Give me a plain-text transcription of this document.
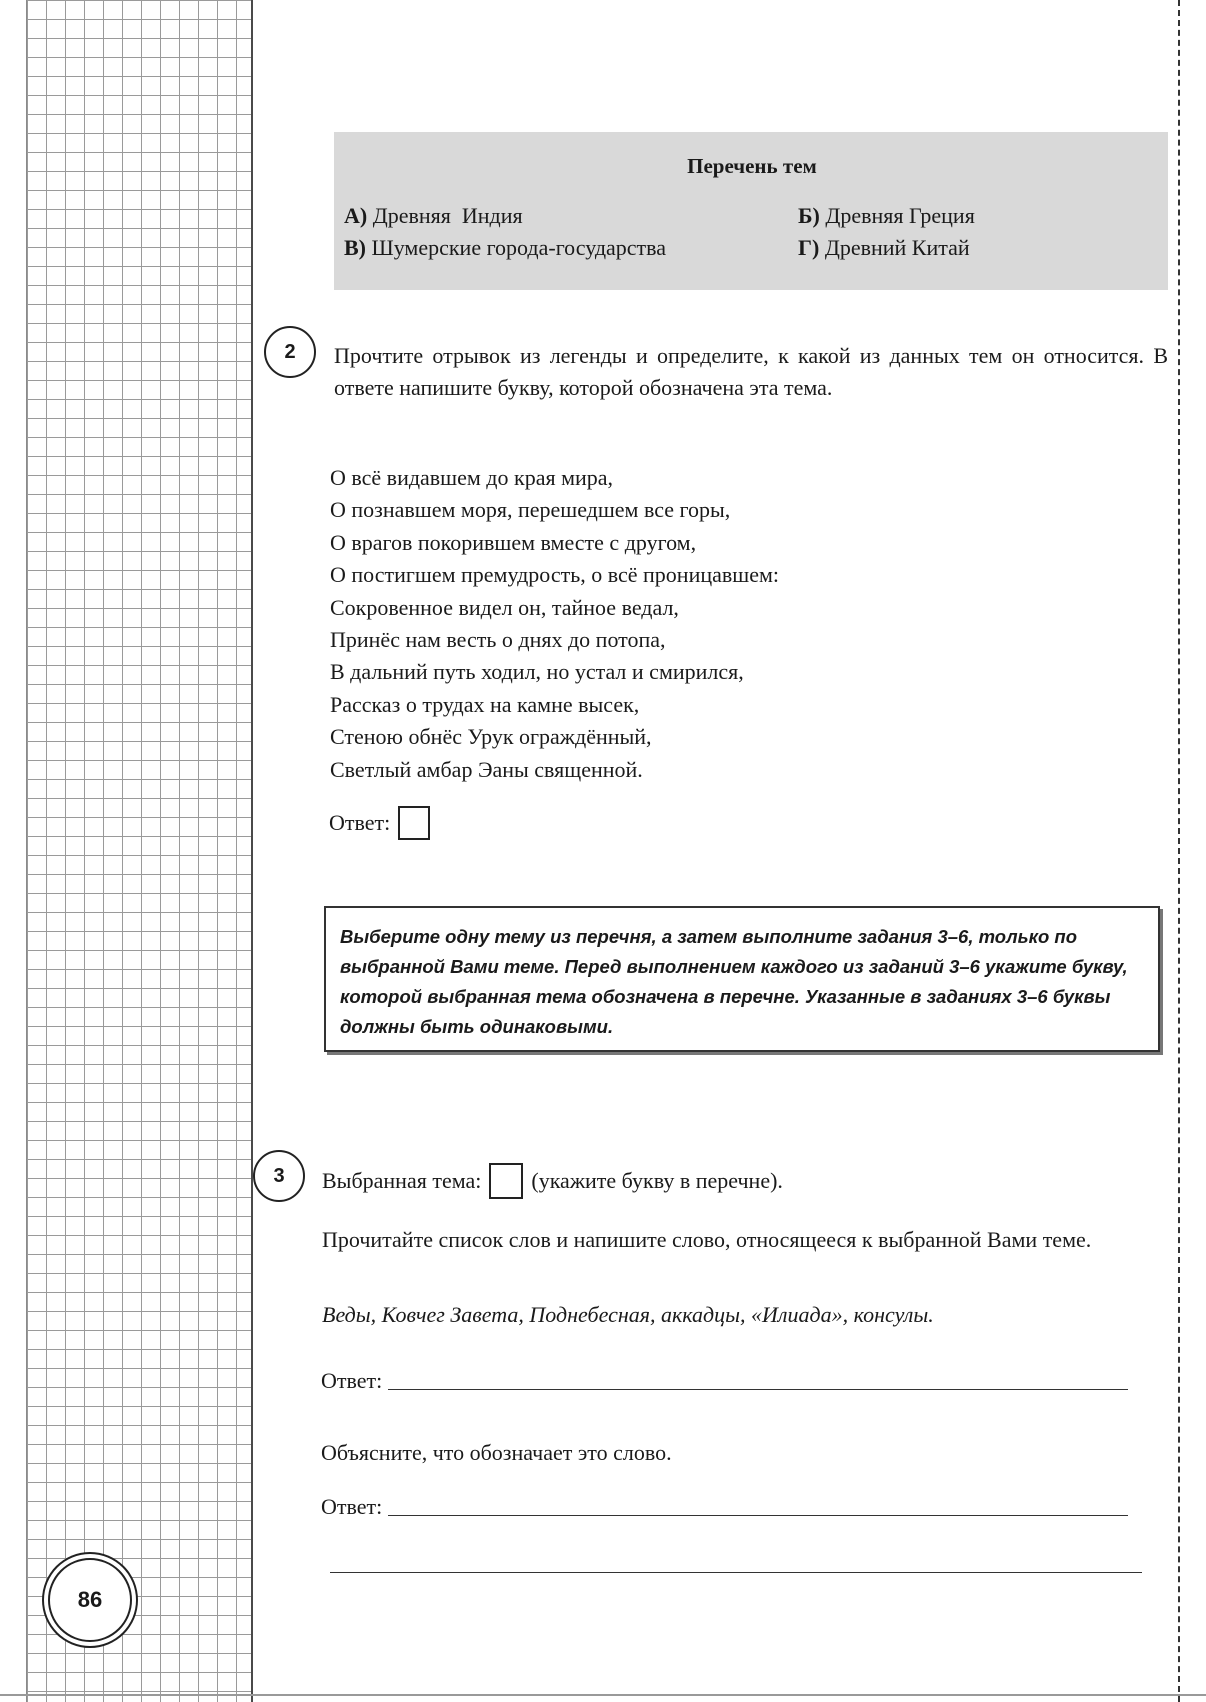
86
Перечень тем
А) Древняя  Индия	Б) Древняя Греция
В) Шумерские города-государства	Г) Древний Китай
2	Прочтите отрывок из легенды и определите, к какой из данных тем он относится. В ответе напишите букву, которой обозначена эта тема.
О всё видавшем до края мира,
О познавшем моря, перешедшем все горы,
О врагов покорившем вместе с другом,
О постигшем премудрость, о всё проницавшем:
Сокровенное видел он, тайное ведал,
Принёс нам весть о днях до потопа,
В дальний путь ходил, но устал и смирился,
Рассказ о трудах на камне высек,
Стеною обнёс Урук ограждённый,
Светлый амбар Эаны священной.
Ответ:
Выберите одну тему из перечня, а затем выполните задания 3–6, только по выбранной Вами теме. Перед выполнением каждого из заданий 3–6 укажите букву, которой выбранная тема обозначена в перечне. Указанные в заданиях 3–6 буквы должны быть одинаковыми.
3	Выбранная тема: (укажите букву в перечне).
Прочитайте список слов и напишите слово, относящееся к выбранной Вами теме.
Веды, Ковчег Завета, Поднебесная, аккадцы, «Илиада», консулы.
Ответ:
Объясните, что обозначает это слово.
Ответ:
